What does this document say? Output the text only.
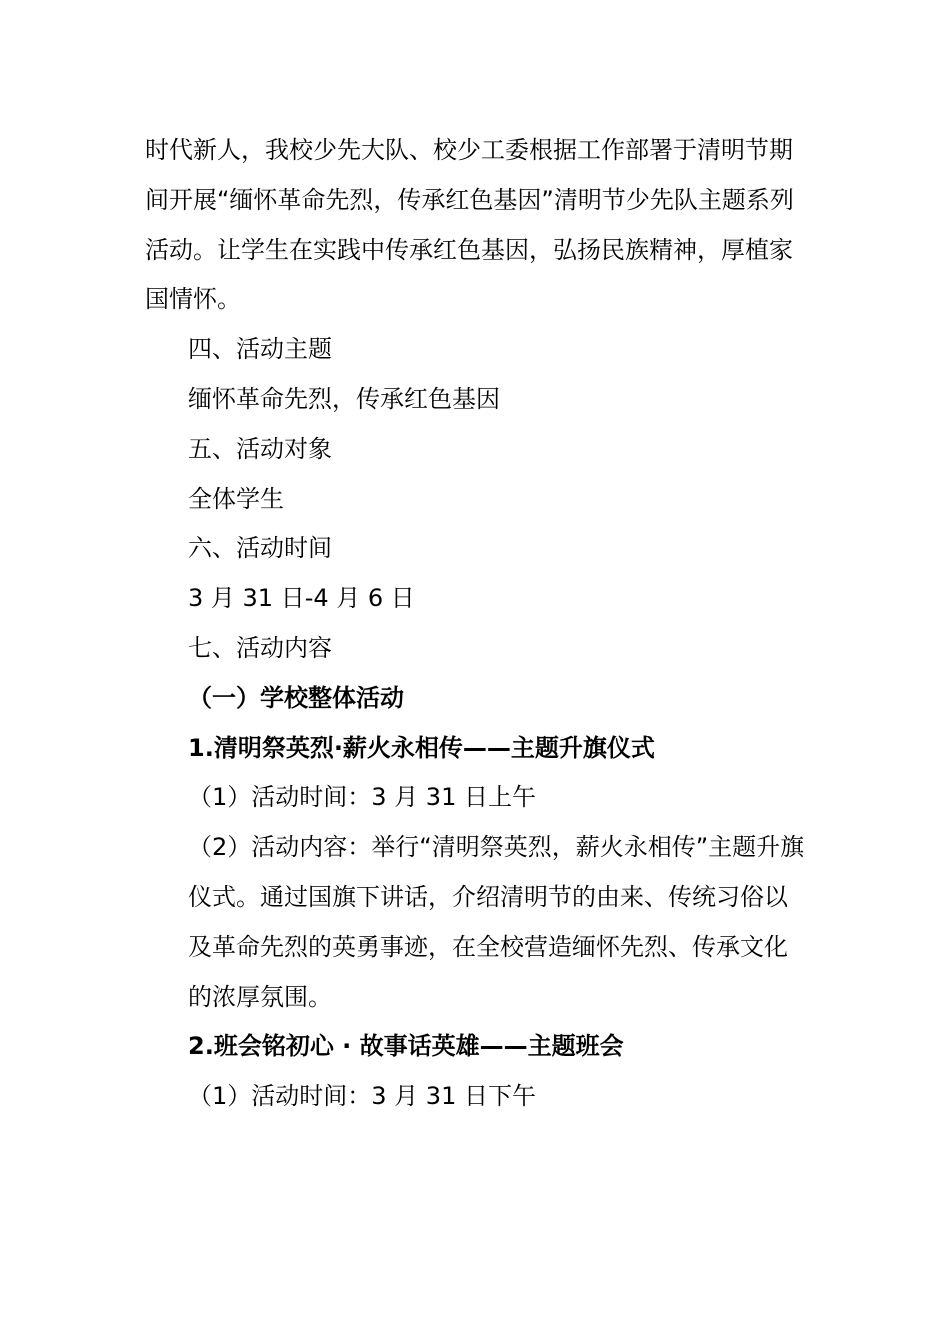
时代新人，我校少先大队、校少工委根据工作部署于清明节期间开展“缅怀革命先烈，传承红色基因”清明节少先队主题系列活动。让学生在实践中传承红色基因，弘扬民族精神，厚植家国情怀。

四、活动主题

缅怀革命先烈，传承红色基因

五、活动对象

全体学生

六、活动时间

3 月 31 日-4 月 6 日

七、活动内容

（一）学校整体活动

1.清明祭英烈·薪火永相传——主题升旗仪式

（1）活动时间：3 月 31 日上午

（2）活动内容：举行“清明祭英烈，薪火永相传”主题升旗仪式。通过国旗下讲话，介绍清明节的由来、传统习俗以及革命先烈的英勇事迹，在全校营造缅怀先烈、传承文化的浓厚氛围。

2.班会铭初心 · 故事话英雄——主题班会

（1）活动时间：3 月 31 日下午
